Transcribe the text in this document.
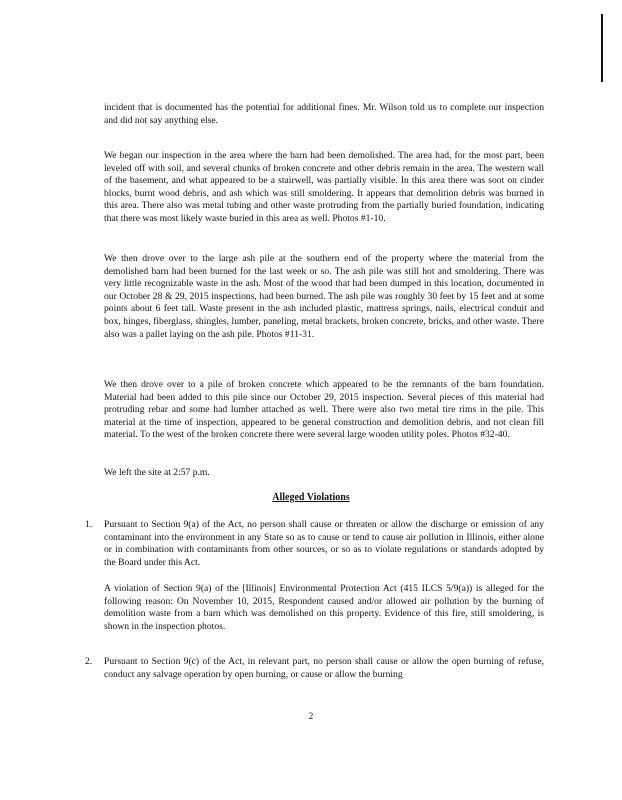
incident that is documented has the potential for additional fines. Mr. Wilson told us to complete our inspection and did not say anything else.

We began our inspection in the area where the barn had been demolished. The area had, for the most part, been leveled off with soil, and several chunks of broken concrete and other debris remain in the area. The western wall of the basement, and what appeared to be a stairwell, was partially visible. In this area there was soot on cinder blocks, burnt wood debris, and ash which was still smoldering. It appears that demolition debris was burned in this area. There also was metal tubing and other waste protruding from the partially buried foundation, indicating that there was most likely waste buried in this area as well. Photos #1-10.

We then drove over to the large ash pile at the southern end of the property where the material from the demolished barn had been burned for the last week or so. The ash pile was still hot and smoldering. There was very little recognizable waste in the ash. Most of the wood that had been dumped in this location, documented in our October 28 & 29, 2015 inspections, had been burned. The ash pile was roughly 30 feet by 15 feet and at some points about 6 feet tall. Waste present in the ash included plastic, mattress springs, nails, electrical conduit and box, hinges, fiberglass, shingles, lumber, paneling, metal brackets, broken concrete, bricks, and other waste. There also was a pallet laying on the ash pile. Photos #11-31.

We then drove over to a pile of broken concrete which appeared to be the remnants of the barn foundation. Material had been added to this pile since our October 29, 2015 inspection. Several pieces of this material had protruding rebar and some had lumber attached as well. There were also two metal tire rims in the pile. This material at the time of inspection, appeared to be general construction and demolition debris, and not clean fill material. To the west of the broken concrete there were several large wooden utility poles. Photos #32-40.

We left the site at 2:57 p.m.

Alleged Violations

1. Pursuant to Section 9(a) of the Act, no person shall cause or threaten or allow the discharge or emission of any contaminant into the environment in any State so as to cause or tend to cause air pollution in Illinois, either alone or in combination with contaminants from other sources, or so as to violate regulations or standards adopted by the Board under this Act.

A violation of Section 9(a) of the [Illinois] Environmental Protection Act (415 ILCS 5/9(a)) is alleged for the following reason: On November 10, 2015, Respondent caused and/or allowed air pollution by the burning of demolition waste from a barn which was demolished on this property. Evidence of this fire, still smoldering, is shown in the inspection photos.

2. Pursuant to Section 9(c) of the Act, in relevant part, no person shall cause or allow the open burning of refuse, conduct any salvage operation by open burning, or cause or allow the burning

2
